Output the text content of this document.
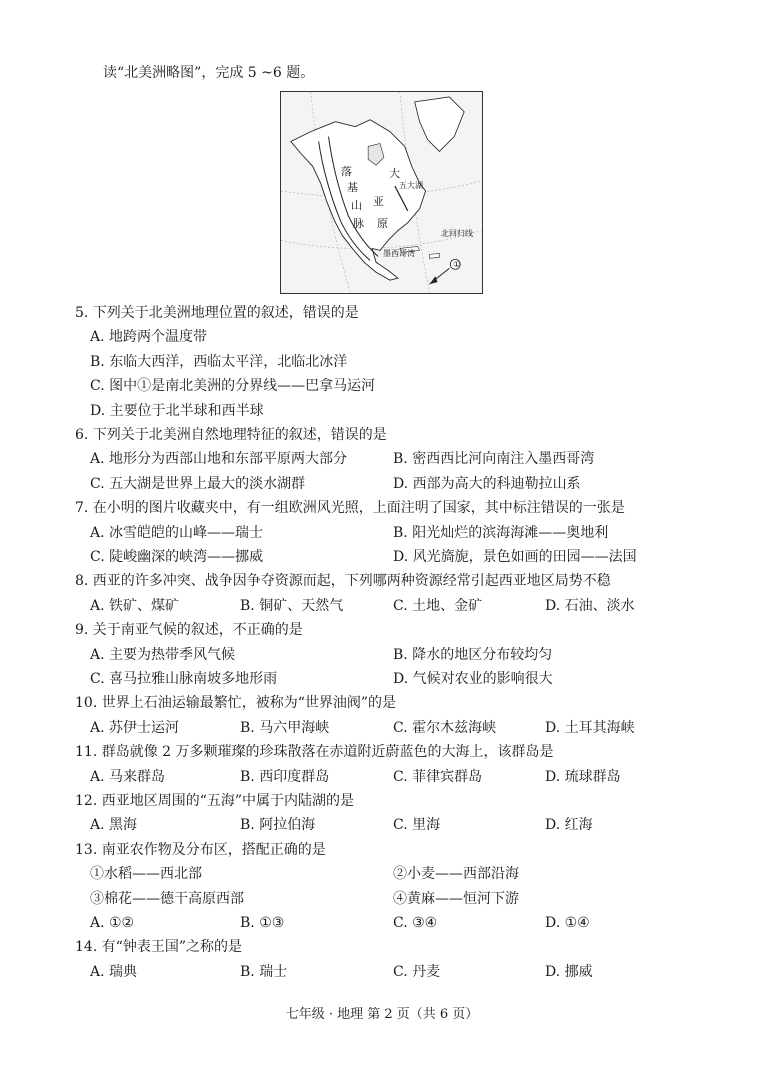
读“北美洲略图”，完成 5 ~6 题。
大
落
基
山
脉
亚
原
五大湖
墨西哥湾
北回归线
①
5. 下列关于北美洲地理位置的叙述，错误的是
A. 地跨两个温度带
B. 东临大西洋，西临太平洋，北临北冰洋
C. 图中①是南北美洲的分界线——巴拿马运河
D. 主要位于北半球和西半球
6. 下列关于北美洲自然地理特征的叙述，错误的是
A. 地形分为西部山地和东部平原两大部分	B. 密西西比河向南注入墨西哥湾
C. 五大湖是世界上最大的淡水湖群	D. 西部为高大的科迪勒拉山系
7. 在小明的图片收藏夹中，有一组欧洲风光照，上面注明了国家，其中标注错误的一张是
A. 冰雪皑皑的山峰——瑞士	B. 阳光灿烂的滨海海滩——奥地利
C. 陡峻幽深的峡湾——挪威	D. 风光旖旎，景色如画的田园——法国
8. 西亚的许多冲突、战争因争夺资源而起，下列哪两种资源经常引起西亚地区局势不稳
A. 铁矿、煤矿	B. 铜矿、天然气	C. 土地、金矿	D. 石油、淡水
9. 关于南亚气候的叙述，不正确的是
A. 主要为热带季风气候	B. 降水的地区分布较均匀
C. 喜马拉雅山脉南坡多地形雨	D. 气候对农业的影响很大
10. 世界上石油运输最繁忙，被称为“世界油阀”的是
A. 苏伊士运河	B. 马六甲海峡	C. 霍尔木兹海峡	D. 土耳其海峡
11. 群岛就像 2 万多颗璀璨的珍珠散落在赤道附近蔚蓝色的大海上，该群岛是
A. 马来群岛	B. 西印度群岛	C. 菲律宾群岛	D. 琉球群岛
12. 西亚地区周围的“五海”中属于内陆湖的是
A. 黑海	B. 阿拉伯海	C. 里海	D. 红海
13. 南亚农作物及分布区，搭配正确的是
①水稻——西北部	②小麦——西部沿海
③棉花——德干高原西部	④黄麻——恒河下游
A. ①②	B. ①③	C. ③④	D. ①④
14. 有“钟表王国”之称的是
A. 瑞典	B. 瑞士	C. 丹麦	D. 挪威
七年级 · 地理 第 2 页（共 6 页）
